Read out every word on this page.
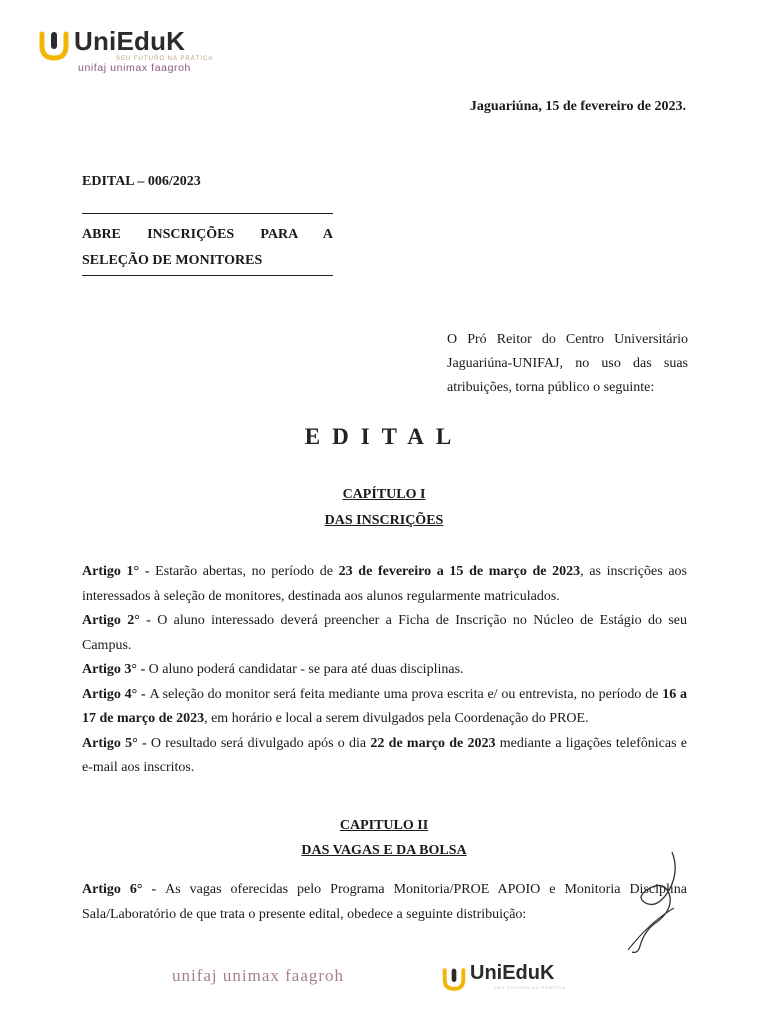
UniEduK
SEU FUTURO NA PRÁTICA
unifaj unimax faagroh
Jaguariúna, 15 de fevereiro de 2023.
EDITAL – 006/2023
ABRE INSCRIÇÕES PARA A SELEÇÃO DE MONITORES
O Pró Reitor do Centro Universitário Jaguariúna-UNIFAJ, no uso das suas atribuições, torna público o seguinte:
EDITAL
CAPÍTULO I
DAS INSCRIÇÕES

Artigo 1° - Estarão abertas, no período de 23 de fevereiro a 15 de março de 2023, as inscrições aos interessados à seleção de monitores, destinada aos alunos regularmente matriculados.

Artigo 2° - O aluno interessado deverá preencher a Ficha de Inscrição no Núcleo de Estágio do seu Campus.

Artigo 3° - O aluno poderá candidatar - se para até duas disciplinas.

Artigo 4° - A seleção do monitor será feita mediante uma prova escrita e/ ou entrevista, no período de 16 a 17 de março de 2023, em horário e local a serem divulgados pela Coordenação do PROE.

Artigo 5° - O resultado será divulgado após o dia 22 de março de 2023 mediante a ligações telefônicas e e-mail aos inscritos.

CAPITULO II
DAS VAGAS E DA BOLSA

Artigo 6° - As vagas oferecidas pelo Programa Monitoria/PROE APOIO e Monitoria Disciplina Sala/Laboratório de que trata o presente edital, obedece a seguinte distribuição:

unifaj unimax faagroh	UniEduK
SEU FUTURO NA PRÁTICA
